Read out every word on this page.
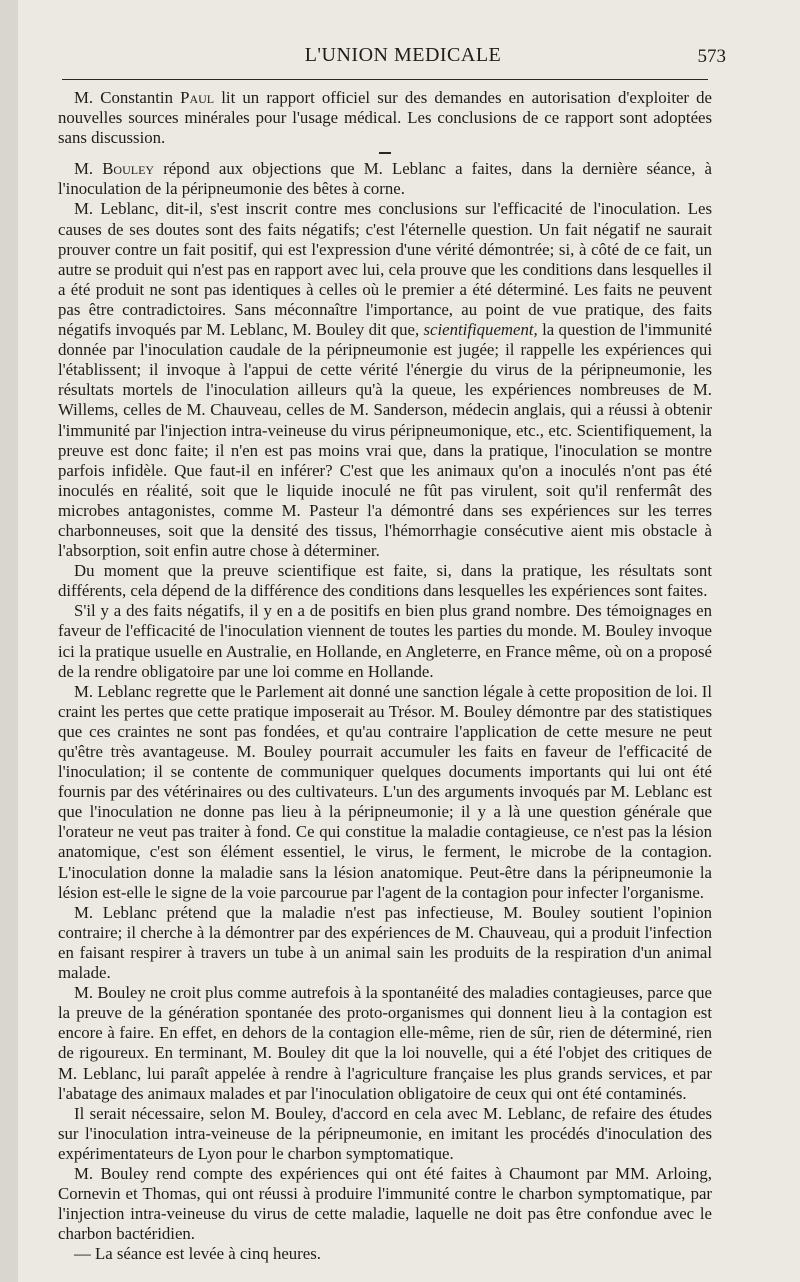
L'UNION MEDICALE	573

M. Constantin Paul lit un rapport officiel sur des demandes en autorisation d'exploiter de nouvelles sources minérales pour l'usage médical. Les conclusions de ce rapport sont adoptées sans discussion.

M. Bouley répond aux objections que M. Leblanc a faites, dans la dernière séance, à l'inoculation de la péripneumonie des bêtes à corne.

M. Leblanc, dit-il, s'est inscrit contre mes conclusions sur l'efficacité de l'inoculation. Les causes de ses doutes sont des faits négatifs; c'est l'éternelle question. Un fait négatif ne saurait prouver contre un fait positif, qui est l'expression d'une vérité démontrée; si, à côté de ce fait, un autre se produit qui n'est pas en rapport avec lui, cela prouve que les conditions dans lesquelles il a été produit ne sont pas identiques à celles où le premier a été déterminé. Les faits ne peuvent pas être contradictoires. Sans méconnaître l'importance, au point de vue pratique, des faits négatifs invoqués par M. Leblanc, M. Bouley dit que, scientifiquement, la question de l'immunité donnée par l'inoculation caudale de la péripneumonie est jugée; il rappelle les expériences qui l'établissent; il invoque à l'appui de cette vérité l'énergie du virus de la péripneumonie, les résultats mortels de l'inoculation ailleurs qu'à la queue, les expériences nombreuses de M. Willems, celles de M. Chauveau, celles de M. Sanderson, médecin anglais, qui a réussi à obtenir l'immunité par l'injection intra-veineuse du virus péripneumonique, etc., etc. Scientifiquement, la preuve est donc faite; il n'en est pas moins vrai que, dans la pratique, l'inoculation se montre parfois infidèle. Que faut-il en inférer? C'est que les animaux qu'on a inoculés n'ont pas été inoculés en réalité, soit que le liquide inoculé ne fût pas virulent, soit qu'il renfermât des microbes antagonistes, comme M. Pasteur l'a démontré dans ses expériences sur les terres charbonneuses, soit que la densité des tissus, l'hémorrhagie consécutive aient mis obstacle à l'absorption, soit enfin autre chose à déterminer.

Du moment que la preuve scientifique est faite, si, dans la pratique, les résultats sont différents, cela dépend de la différence des conditions dans lesquelles les expériences sont faites.

S'il y a des faits négatifs, il y en a de positifs en bien plus grand nombre. Des témoignages en faveur de l'efficacité de l'inoculation viennent de toutes les parties du monde. M. Bouley invoque ici la pratique usuelle en Australie, en Hollande, en Angleterre, en France même, où on a proposé de la rendre obligatoire par une loi comme en Hollande.

M. Leblanc regrette que le Parlement ait donné une sanction légale à cette proposition de loi. Il craint les pertes que cette pratique imposerait au Trésor. M. Bouley démontre par des statistiques que ces craintes ne sont pas fondées, et qu'au contraire l'application de cette mesure ne peut qu'être très avantageuse. M. Bouley pourrait accumuler les faits en faveur de l'efficacité de l'inoculation; il se contente de communiquer quelques documents importants qui lui ont été fournis par des vétérinaires ou des cultivateurs. L'un des arguments invoqués par M. Leblanc est que l'inoculation ne donne pas lieu à la péripneumonie; il y a là une question générale que l'orateur ne veut pas traiter à fond. Ce qui constitue la maladie contagieuse, ce n'est pas la lésion anatomique, c'est son élément essentiel, le virus, le ferment, le microbe de la contagion. L'inoculation donne la maladie sans la lésion anatomique. Peut-être dans la péripneumonie la lésion est-elle le signe de la voie parcourue par l'agent de la contagion pour infecter l'organisme.

M. Leblanc prétend que la maladie n'est pas infectieuse, M. Bouley soutient l'opinion contraire; il cherche à la démontrer par des expériences de M. Chauveau, qui a produit l'infection en faisant respirer à travers un tube à un animal sain les produits de la respiration d'un animal malade.

M. Bouley ne croit plus comme autrefois à la spontanéité des maladies contagieuses, parce que la preuve de la génération spontanée des proto-organismes qui donnent lieu à la contagion est encore à faire. En effet, en dehors de la contagion elle-même, rien de sûr, rien de déterminé, rien de rigoureux. En terminant, M. Bouley dit que la loi nouvelle, qui a été l'objet des critiques de M. Leblanc, lui paraît appelée à rendre à l'agriculture française les plus grands services, et par l'abatage des animaux malades et par l'inoculation obligatoire de ceux qui ont été contaminés.

Il serait nécessaire, selon M. Bouley, d'accord en cela avec M. Leblanc, de refaire des études sur l'inoculation intra-veineuse de la péripneumonie, en imitant les procédés d'inoculation des expérimentateurs de Lyon pour le charbon symptomatique.

M. Bouley rend compte des expériences qui ont été faites à Chaumont par MM. Arloing, Cornevin et Thomas, qui ont réussi à produire l'immunité contre le charbon symptomatique, par l'injection intra-veineuse du virus de cette maladie, laquelle ne doit pas être confondue avec le charbon bactéridien.

— La séance est levée à cinq heures.
